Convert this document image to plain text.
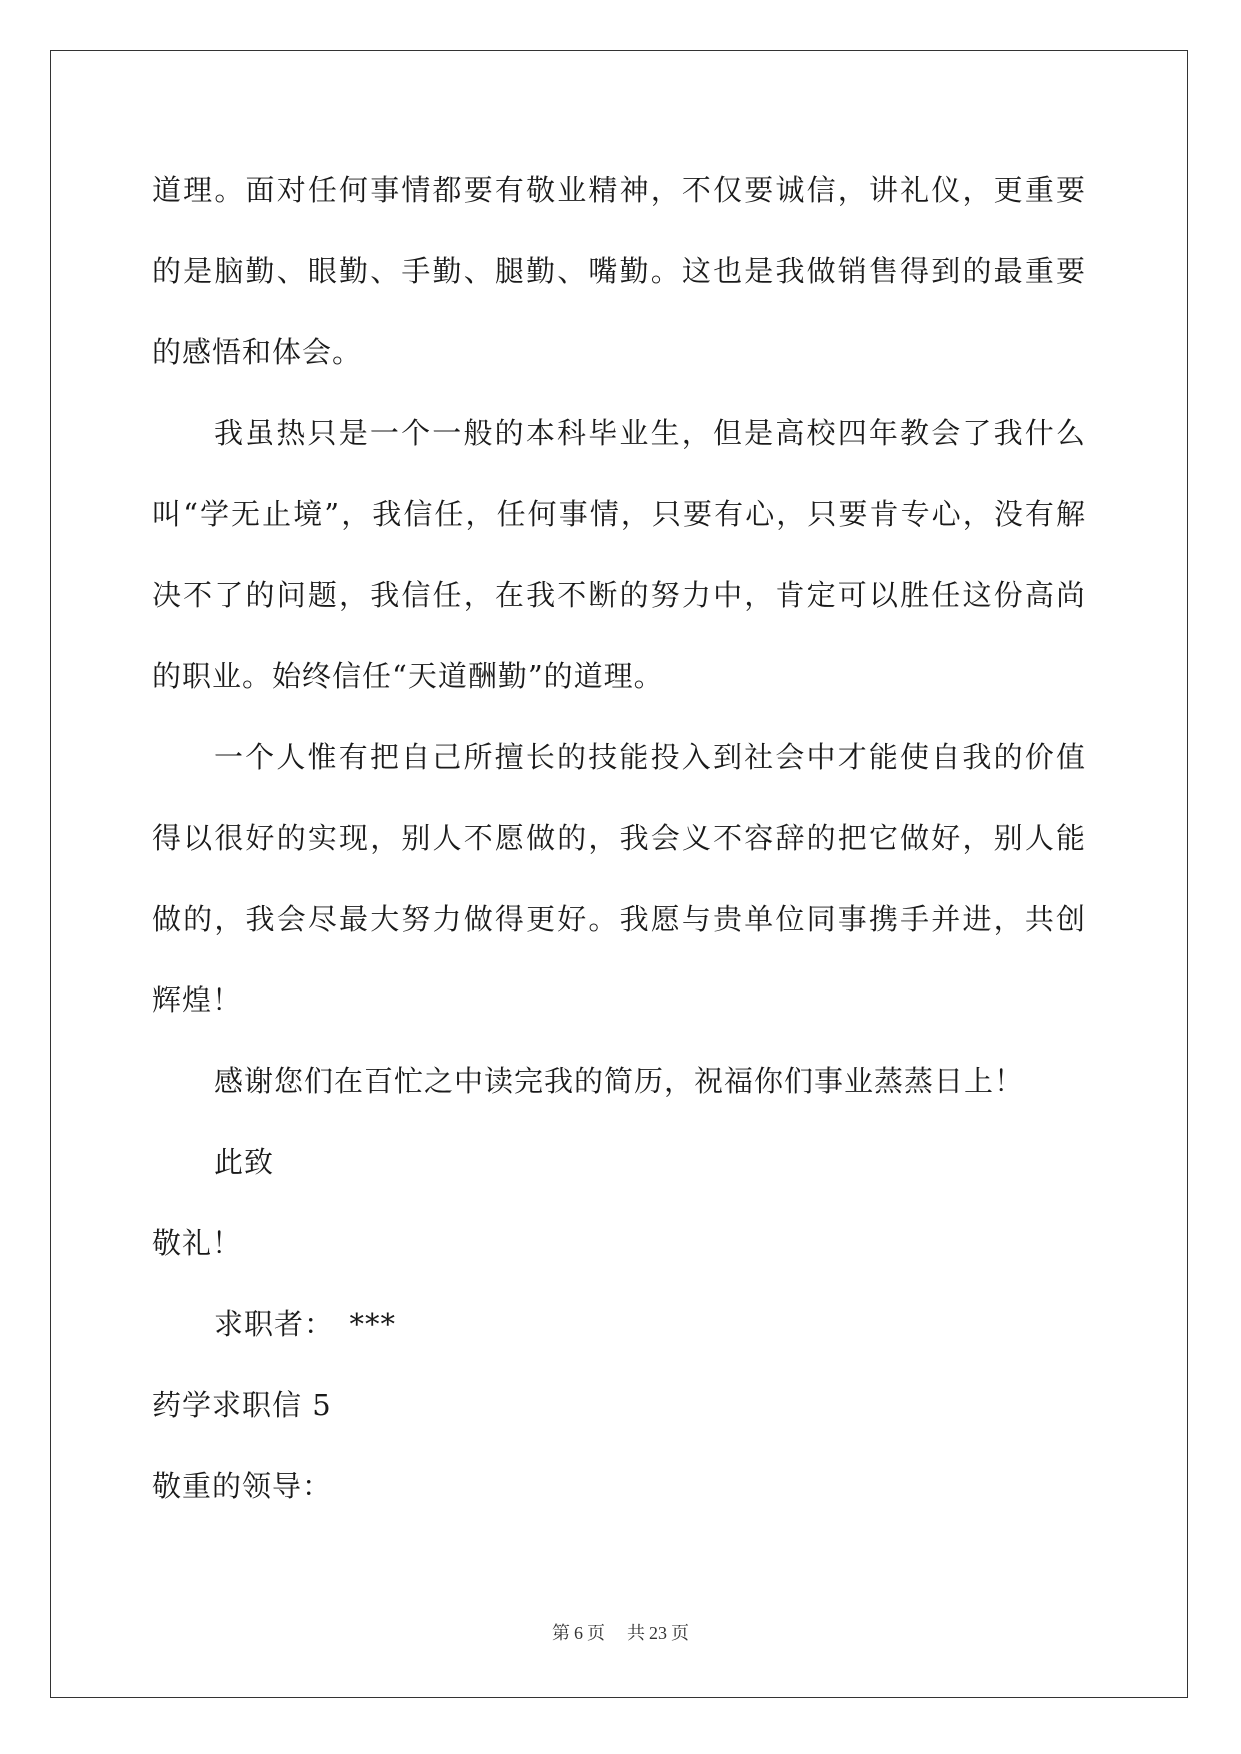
道理。面对任何事情都要有敬业精神，不仅要诚信，讲礼仪，更重要
的是脑勤、眼勤、手勤、腿勤、嘴勤。这也是我做销售得到的最重要
的感悟和体会。
我虽热只是一个一般的本科毕业生，但是高校四年教会了我什么
叫“学无止境”，我信任，任何事情，只要有心，只要肯专心，没有解
决不了的问题，我信任，在我不断的努力中，肯定可以胜任这份高尚
的职业。始终信任“天道酬勤”的道理。
一个人惟有把自己所擅长的技能投入到社会中才能使自我的价值
得以很好的实现，别人不愿做的，我会义不容辞的把它做好，别人能
做的，我会尽最大努力做得更好。我愿与贵单位同事携手并进，共创
辉煌！
感谢您们在百忙之中读完我的简历，祝福你们事业蒸蒸日上！
此致
敬礼！
求职者：　***
药学求职信 5
敬重的领导：
第 6 页 共 23 页
